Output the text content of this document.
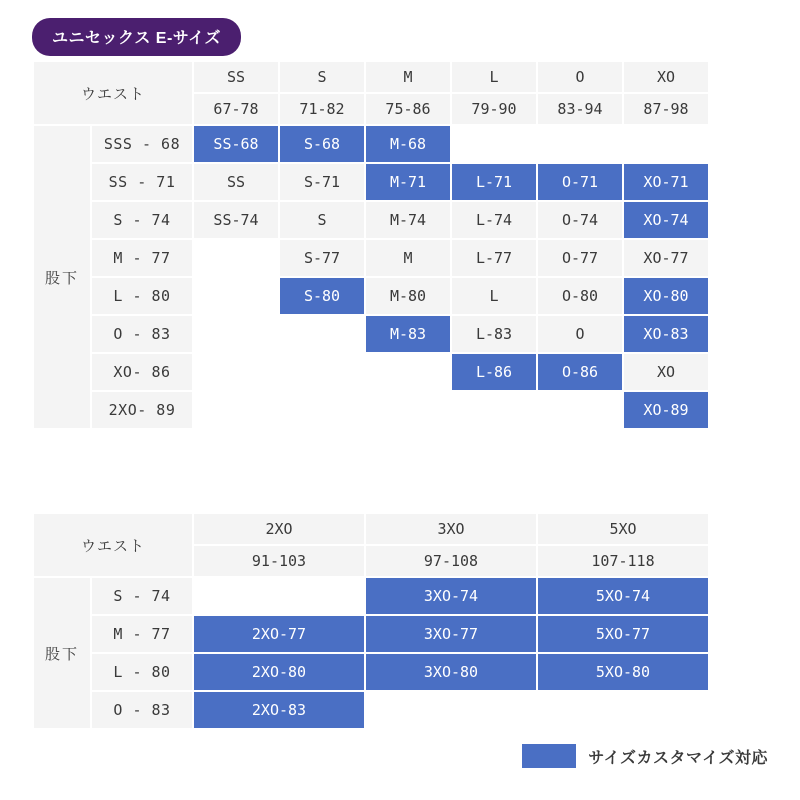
ユニセックス E-サイズ
ウエスト		SS	S	M	L	O	XO
		67-78	71-82	75-86	79-90	83-94	87-98
股下	SSS - 68	SS-68	S-68	M-68			
	SS - 71	SS	S-71	M-71	L-71	O-71	XO-71
	S - 74	SS-74	S	M-74	L-74	O-74	XO-74
	M - 77		S-77	M	L-77	O-77	XO-77
	L - 80		S-80	M-80	L	O-80	XO-80
	O - 83			M-83	L-83	O	XO-83
	XO- 86				L-86	O-86	XO
	2XO- 89						XO-89
ウエスト		2XO	3XO	5XO
		91-103	97-108	107-118
股下	S - 74		3XO-74	5XO-74
	M - 77	2XO-77	3XO-77	5XO-77
	L - 80	2XO-80	3XO-80	5XO-80
	O - 83	2XO-83		
サイズカスタマイズ対応
